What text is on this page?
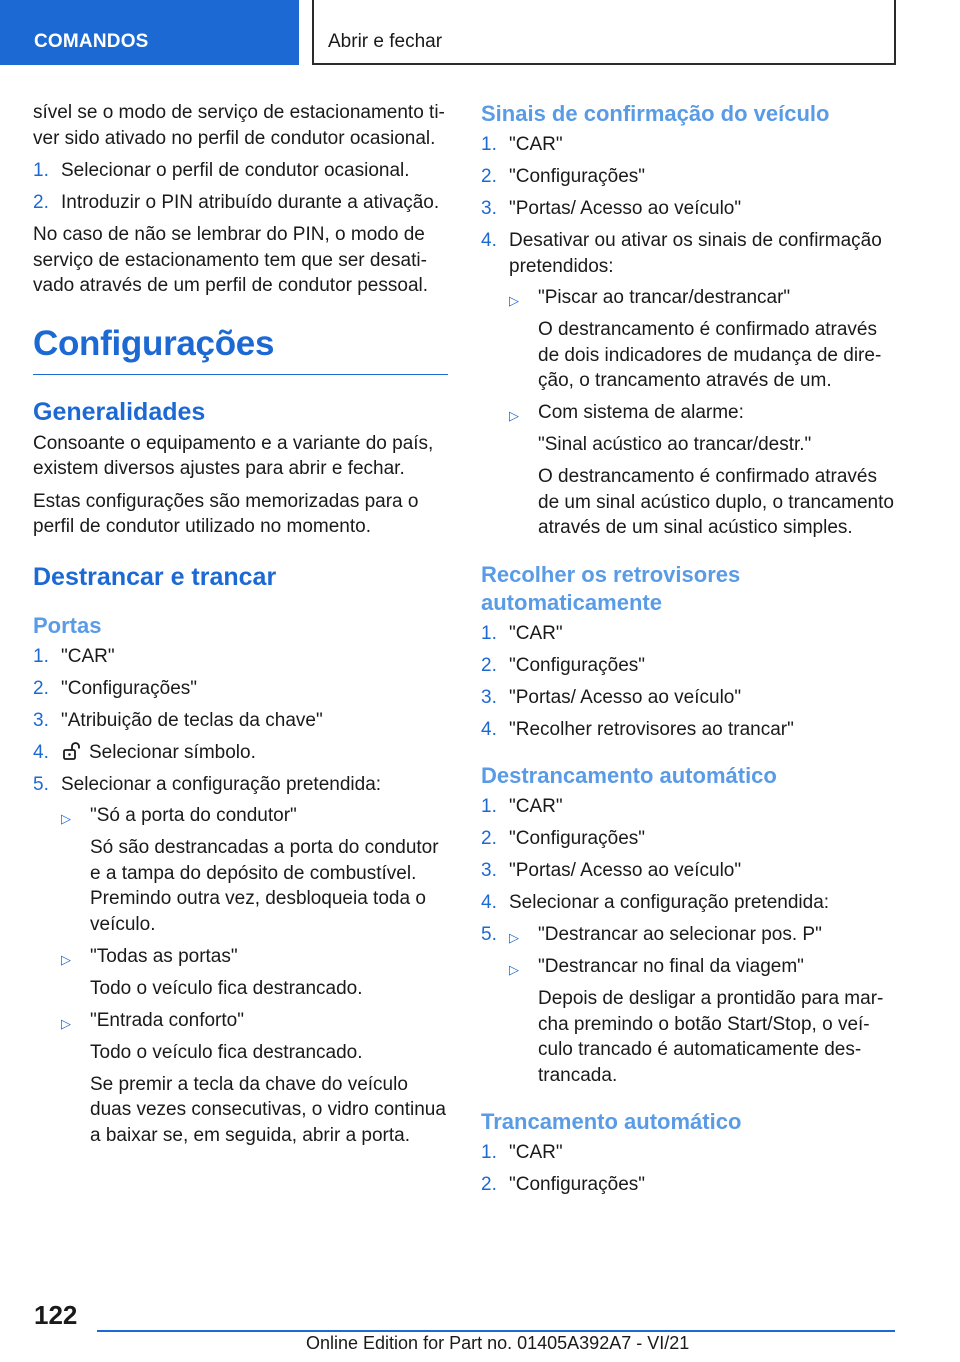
COMANDOS	Abrir e fechar

sível se o modo de serviço de estacionamento ti-ver sido ativado no perfil de condutor ocasional.

1. Selecionar o perfil de condutor ocasional.
2. Introduzir o PIN atribuído durante a ativação.

No caso de não se lembrar do PIN, o modo de serviço de estacionamento tem que ser desati-vado através de um perfil de condutor pessoal.

Configurações
Generalidades

Consoante o equipamento e a variante do país, existem diversos ajustes para abrir e fechar.

Estas configurações são memorizadas para o perfil de condutor utilizado no momento.

Destrancar e trancar
Portas
1. "CAR"
2. "Configurações"
3. "Atribuição de teclas da chave"
4. Selecionar símbolo.
5. Selecionar a configuração pretendida:
▷ "Só a porta do condutor"
Só são destrancadas a porta do condutor e a tampa do depósito de combustível. Premindo outra vez, desbloqueia toda o veículo.
▷ "Todas as portas"
Todo o veículo fica destrancado.
▷ "Entrada conforto"
Todo o veículo fica destrancado.
Se premir a tecla da chave do veículo duas vezes consecutivas, o vidro continua a baixar se, em seguida, abrir a porta.
Sinais de confirmação do veículo
1. "CAR"
2. "Configurações"
3. "Portas/ Acesso ao veículo"
4. Desativar ou ativar os sinais de confirmação pretendidos:
▷ "Piscar ao trancar/destrancar"
O destrancamento é confirmado através de dois indicadores de mudança de dire-ção, o trancamento através de um.
▷ Com sistema de alarme:
"Sinal acústico ao trancar/destr."
O destrancamento é confirmado através de um sinal acústico duplo, o trancamento através de um sinal acústico simples.
Recolher os retrovisores automaticamente
1. "CAR"
2. "Configurações"
3. "Portas/ Acesso ao veículo"
4. "Recolher retrovisores ao trancar"
Destrancamento automático
1. "CAR"
2. "Configurações"
3. "Portas/ Acesso ao veículo"
4. Selecionar a configuração pretendida:
5. ▷ "Destrancar ao selecionar pos. P"
▷ "Destrancar no final da viagem"
Depois de desligar a prontidão para mar-cha premindo o botão Start/Stop, o veí-culo trancado é automaticamente des-trancada.
Trancamento automático
1. "CAR"
2. "Configurações"
122
Online Edition for Part no. 01405A392A7 - VI/21
